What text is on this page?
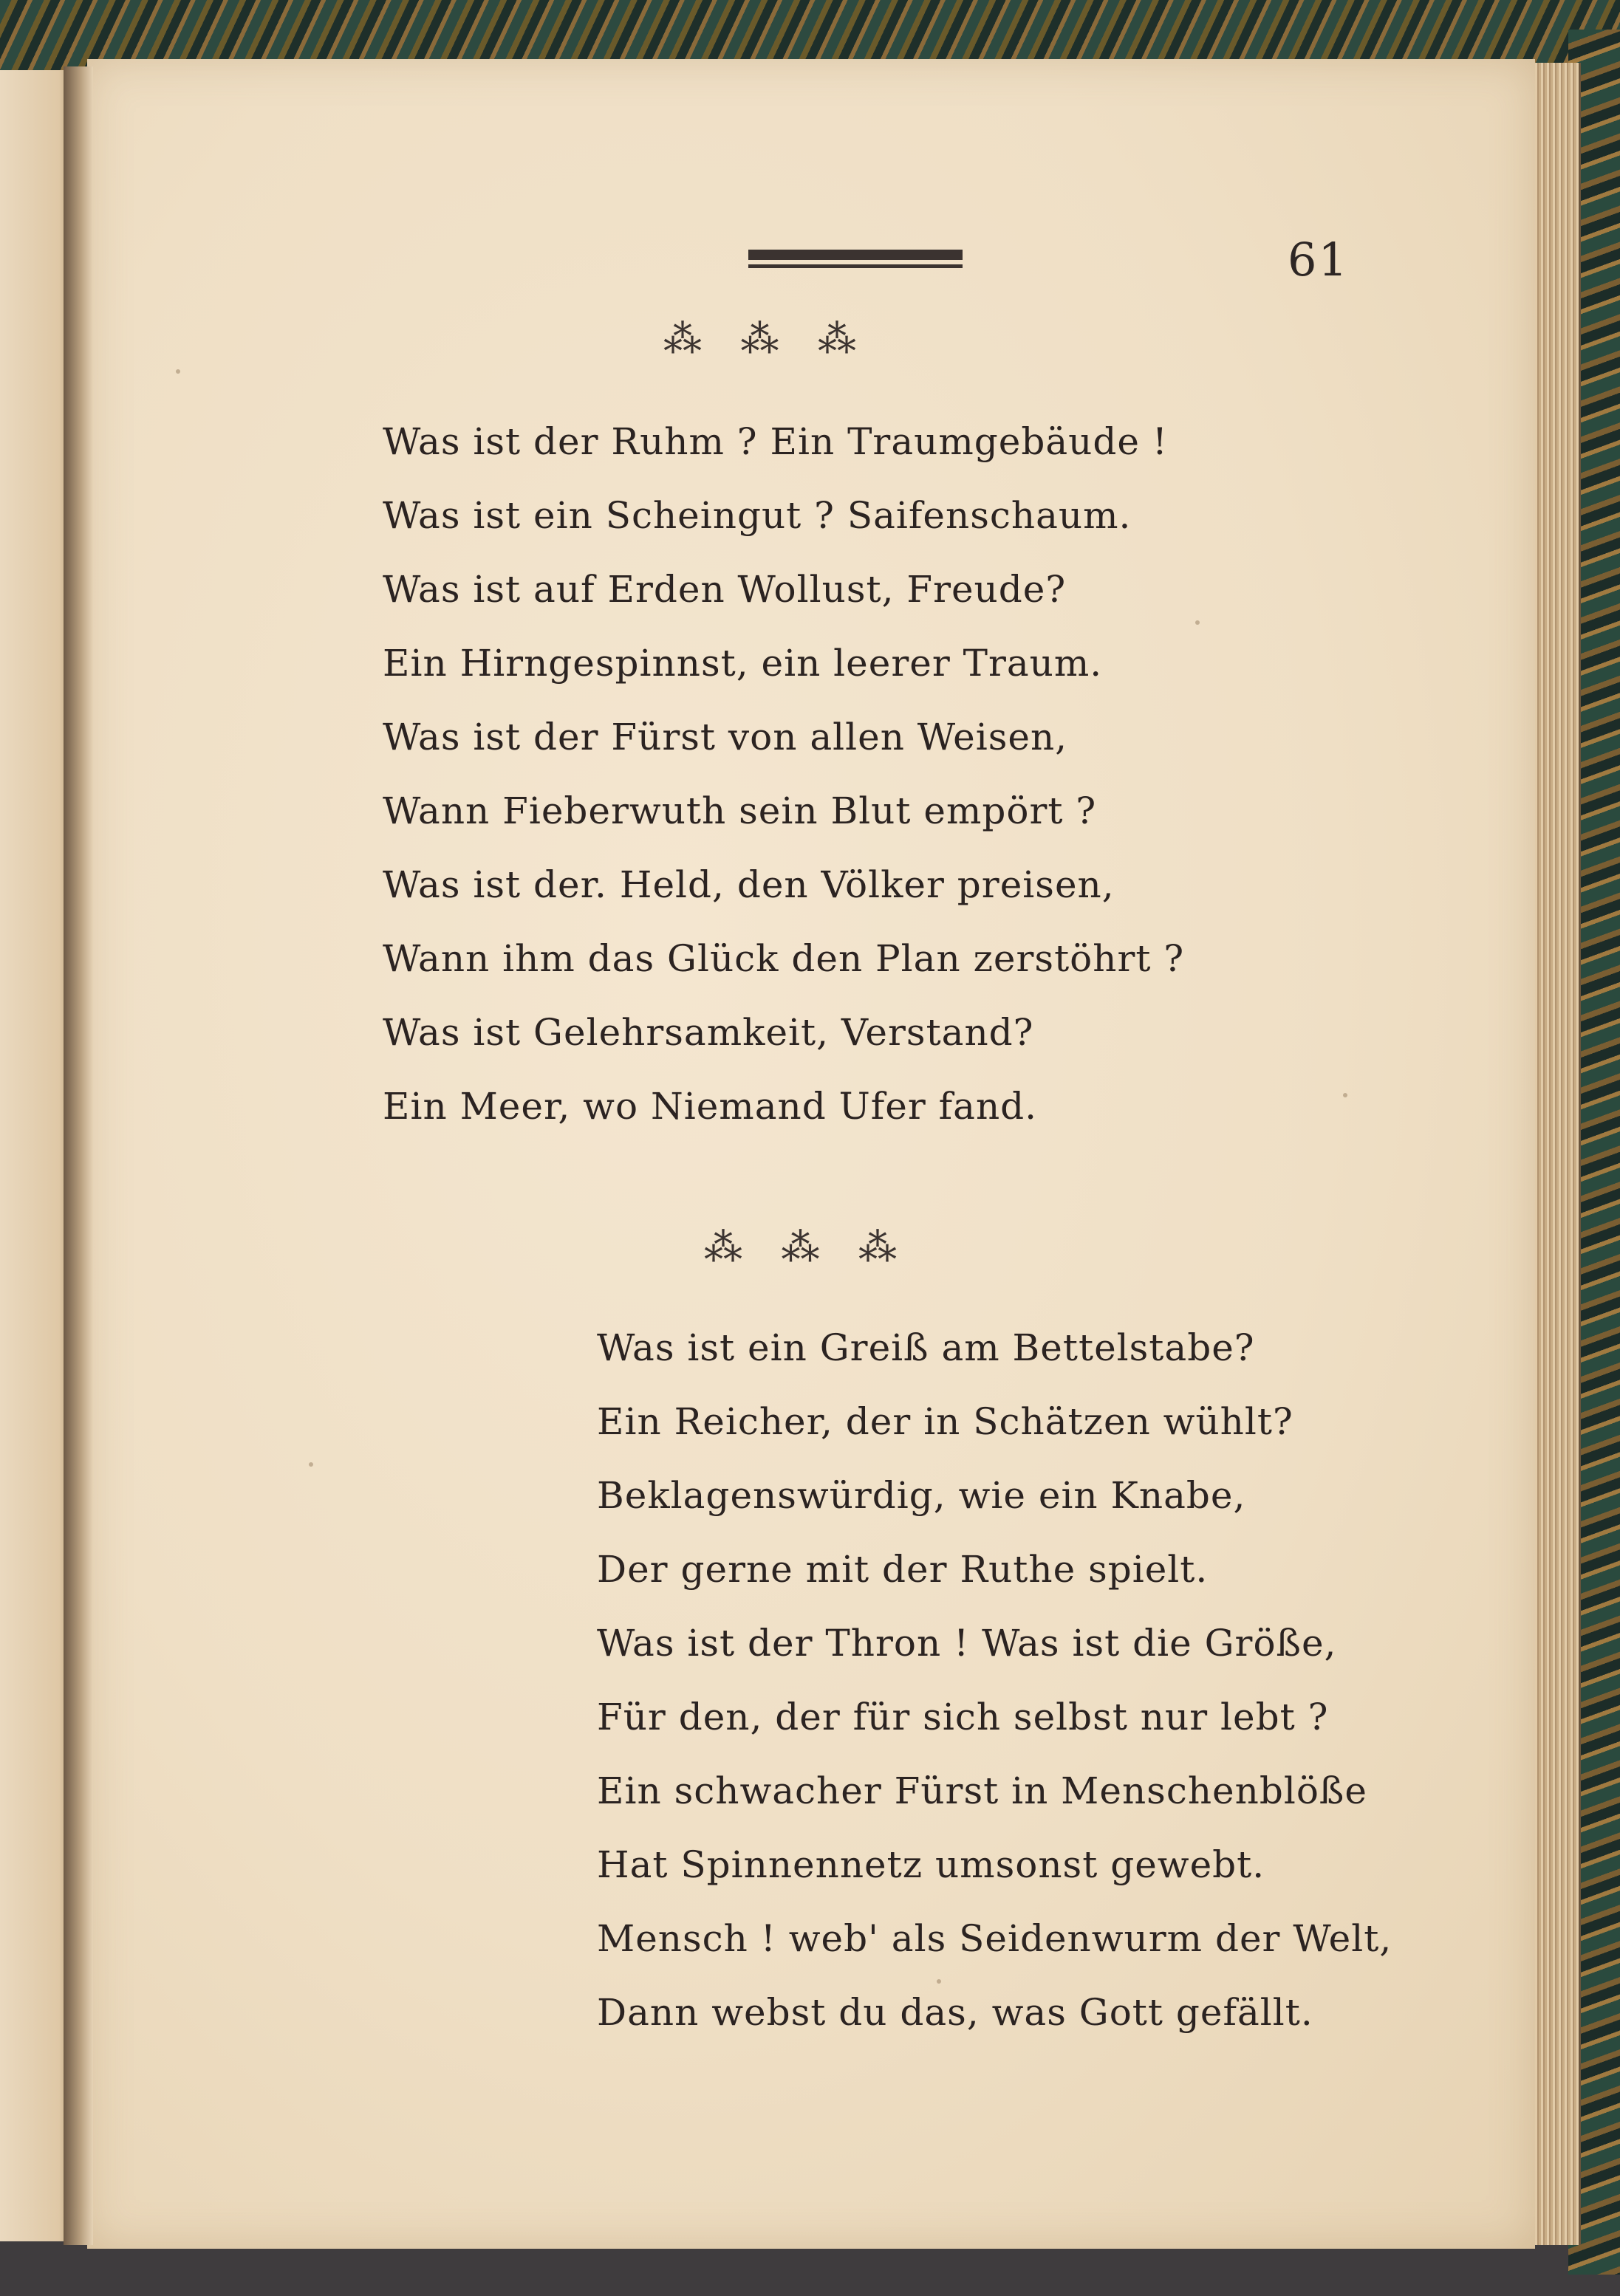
61
⁂ ⁂ ⁂
Was ist der Ruhm ? Ein Traumgebäude !
Was ist ein Scheingut ? Saifenschaum.
Was ist auf Erden Wollust, Freude?
Ein Hirngespinnst, ein leerer Traum.
Was ist der Fürst von allen Weisen,
Wann Fieberwuth sein Blut empört ?
Was ist der. Held, den Völker preisen,
Wann ihm das Glück den Plan zerstöhrt ?
Was ist Gelehrsamkeit, Verstand?
Ein Meer, wo Niemand Ufer fand.
⁂ ⁂ ⁂
Was ist ein Greiß am Bettelstabe?
Ein Reicher, der in Schätzen wühlt?
Beklagenswürdig, wie ein Knabe,
Der gerne mit der Ruthe spielt.
Was ist der Thron ! Was ist die Größe,
Für den, der für sich selbst nur lebt ?
Ein schwacher Fürst in Menschenblöße
Hat Spinnennetz umsonst gewebt.
Mensch ! web' als Seidenwurm der Welt,
Dann webst du das, was Gott gefällt.
